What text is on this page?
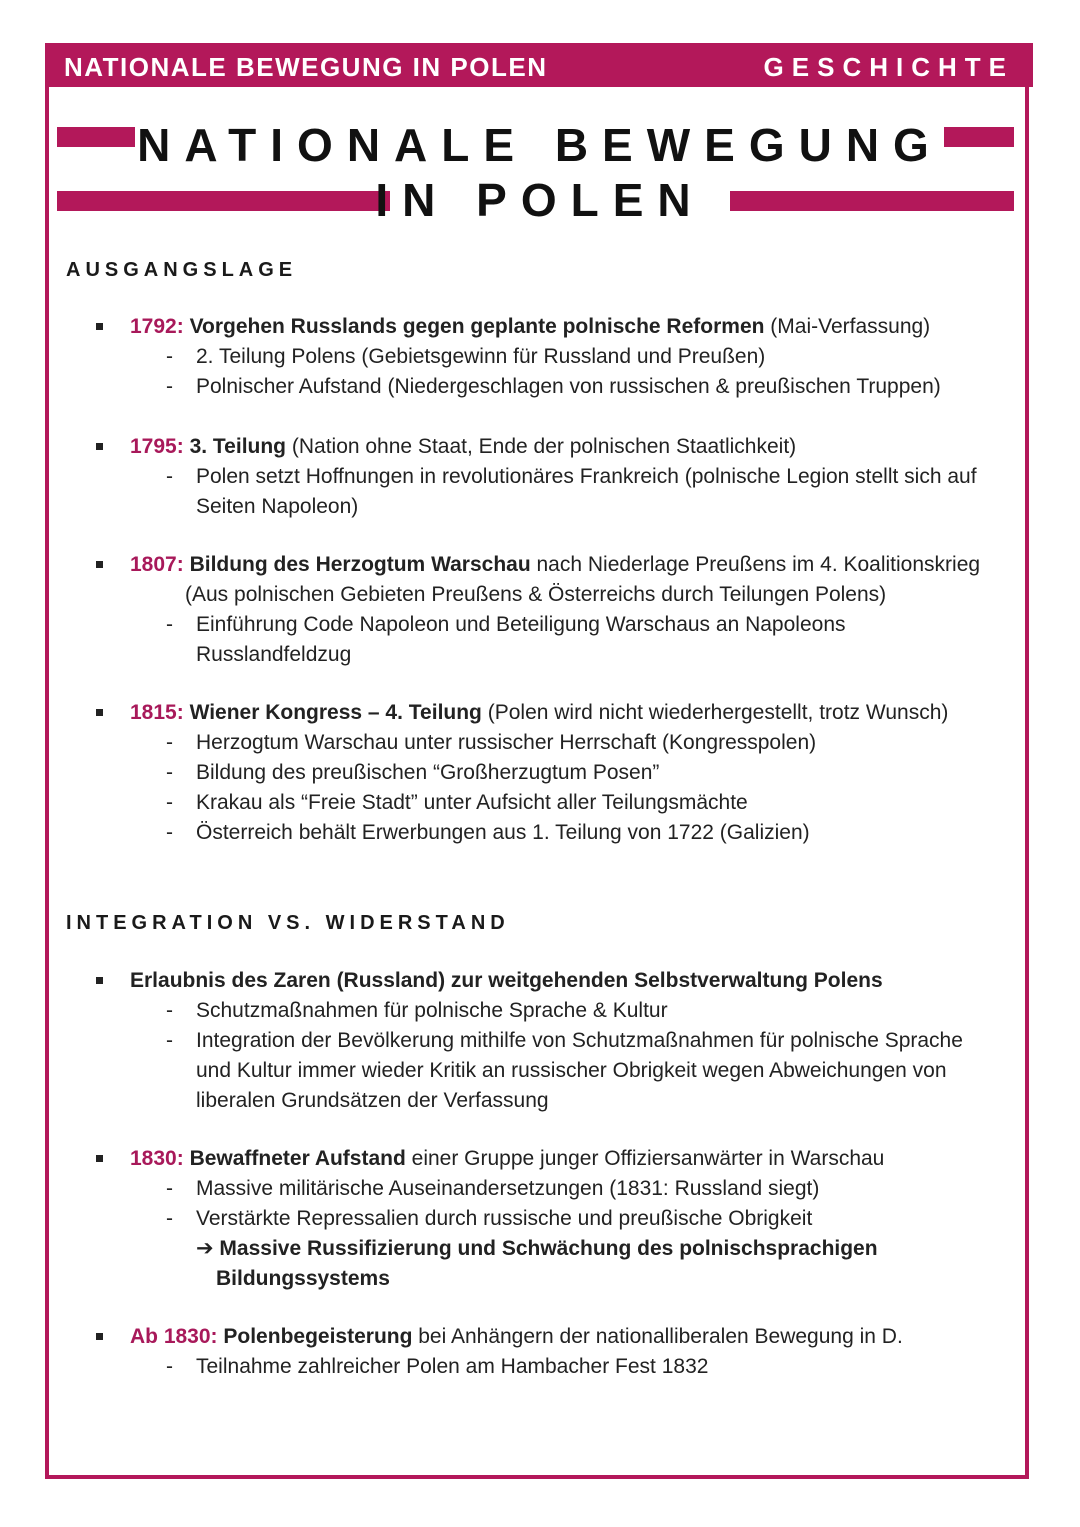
NATIONALE BEWEGUNG IN POLEN	GESCHICHTE
NATIONALE BEWEGUNG
IN POLEN
AUSGANGSLAGE
1792: Vorgehen Russlands gegen geplante polnische Reformen (Mai-Verfassung)
- 2. Teilung Polens (Gebietsgewinn für Russland und Preußen)
- Polnischer Aufstand (Niedergeschlagen von russischen & preußischen Truppen)
1795: 3. Teilung (Nation ohne Staat, Ende der polnischen Staatlichkeit)
- Polen setzt Hoffnungen in revolutionäres Frankreich (polnische Legion stellt sich auf
Seiten Napoleon)
1807: Bildung des Herzogtum Warschau nach Niederlage Preußens im 4. Koalitionskrieg
(Aus polnischen Gebieten Preußens & Österreichs durch Teilungen Polens)
- Einführung Code Napoleon und Beteiligung Warschaus an Napoleons
Russlandfeldzug
1815: Wiener Kongress – 4. Teilung (Polen wird nicht wiederhergestellt, trotz Wunsch)
- Herzogtum Warschau unter russischer Herrschaft (Kongresspolen)
- Bildung des preußischen “Großherzugtum Posen”
- Krakau als “Freie Stadt” unter Aufsicht aller Teilungsmächte
- Österreich behält Erwerbungen aus 1. Teilung von 1722 (Galizien)
INTEGRATION VS. WIDERSTAND
Erlaubnis des Zaren (Russland) zur weitgehenden Selbstverwaltung Polens
- Schutzmaßnahmen für polnische Sprache & Kultur
- Integration der Bevölkerung mithilfe von Schutzmaßnahmen für polnische Sprache
und Kultur immer wieder Kritik an russischer Obrigkeit wegen Abweichungen von
liberalen Grundsätzen der Verfassung
1830: Bewaffneter Aufstand einer Gruppe junger Offiziersanwärter in Warschau
- Massive militärische Auseinandersetzungen (1831: Russland siegt)
- Verstärkte Repressalien durch russische und preußische Obrigkeit
➔ Massive Russifizierung und Schwächung des polnischsprachigen
Bildungssystems
Ab 1830: Polenbegeisterung bei Anhängern der nationalliberalen Bewegung in D.
- Teilnahme zahlreicher Polen am Hambacher Fest 1832
